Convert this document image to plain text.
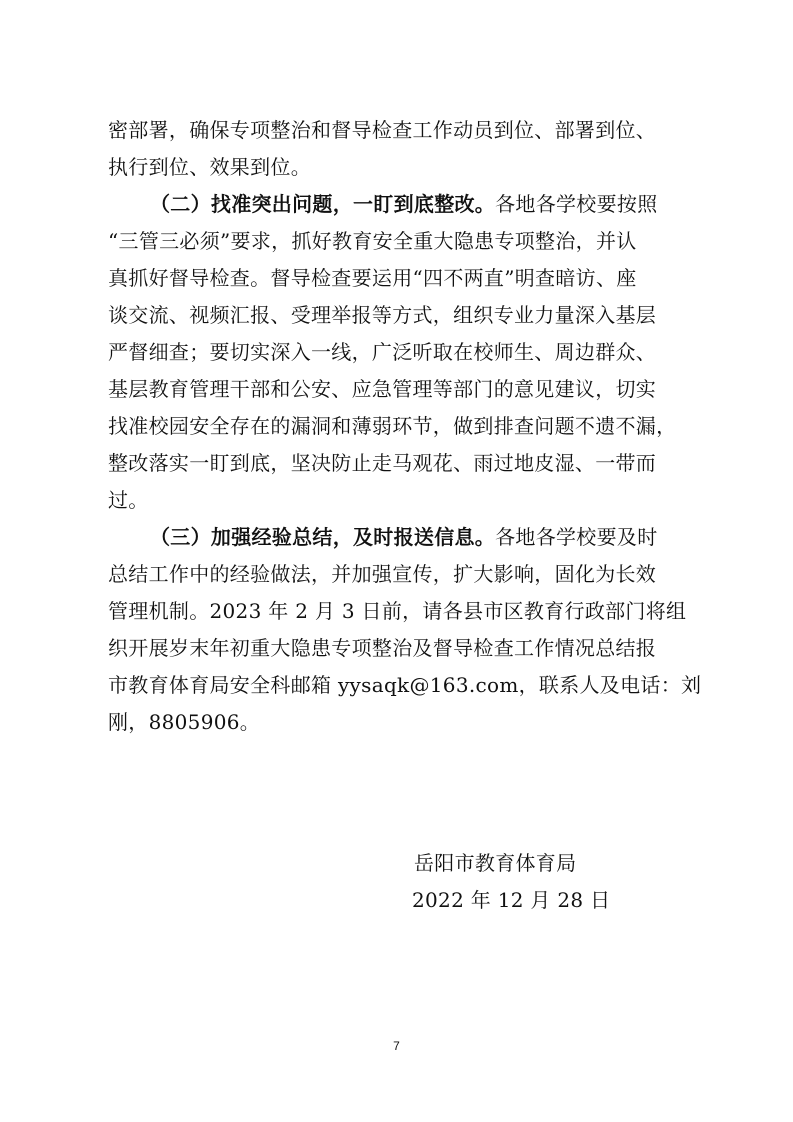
密部署，确保专项整治和督导检查工作动员到位、部署到位、
执行到位、效果到位。
（二）找准突出问题，一盯到底整改。各地各学校要按照
“三管三必须”要求，抓好教育安全重大隐患专项整治，并认
真抓好督导检查。督导检查要运用“四不两直”明查暗访、座
谈交流、视频汇报、受理举报等方式，组织专业力量深入基层
严督细查；要切实深入一线，广泛听取在校师生、周边群众、
基层教育管理干部和公安、应急管理等部门的意见建议，切实
找准校园安全存在的漏洞和薄弱环节，做到排查问题不遗不漏，
整改落实一盯到底，坚决防止走马观花、雨过地皮湿、一带而
过。
（三）加强经验总结，及时报送信息。各地各学校要及时
总结工作中的经验做法，并加强宣传，扩大影响，固化为长效
管理机制。2023 年 2 月 3 日前，请各县市区教育行政部门将组
织开展岁末年初重大隐患专项整治及督导检查工作情况总结报
市教育体育局安全科邮箱 yysaqk@163.com，联系人及电话：刘
刚，8805906。
岳阳市教育体育局
2022 年 12 月 28 日
7
